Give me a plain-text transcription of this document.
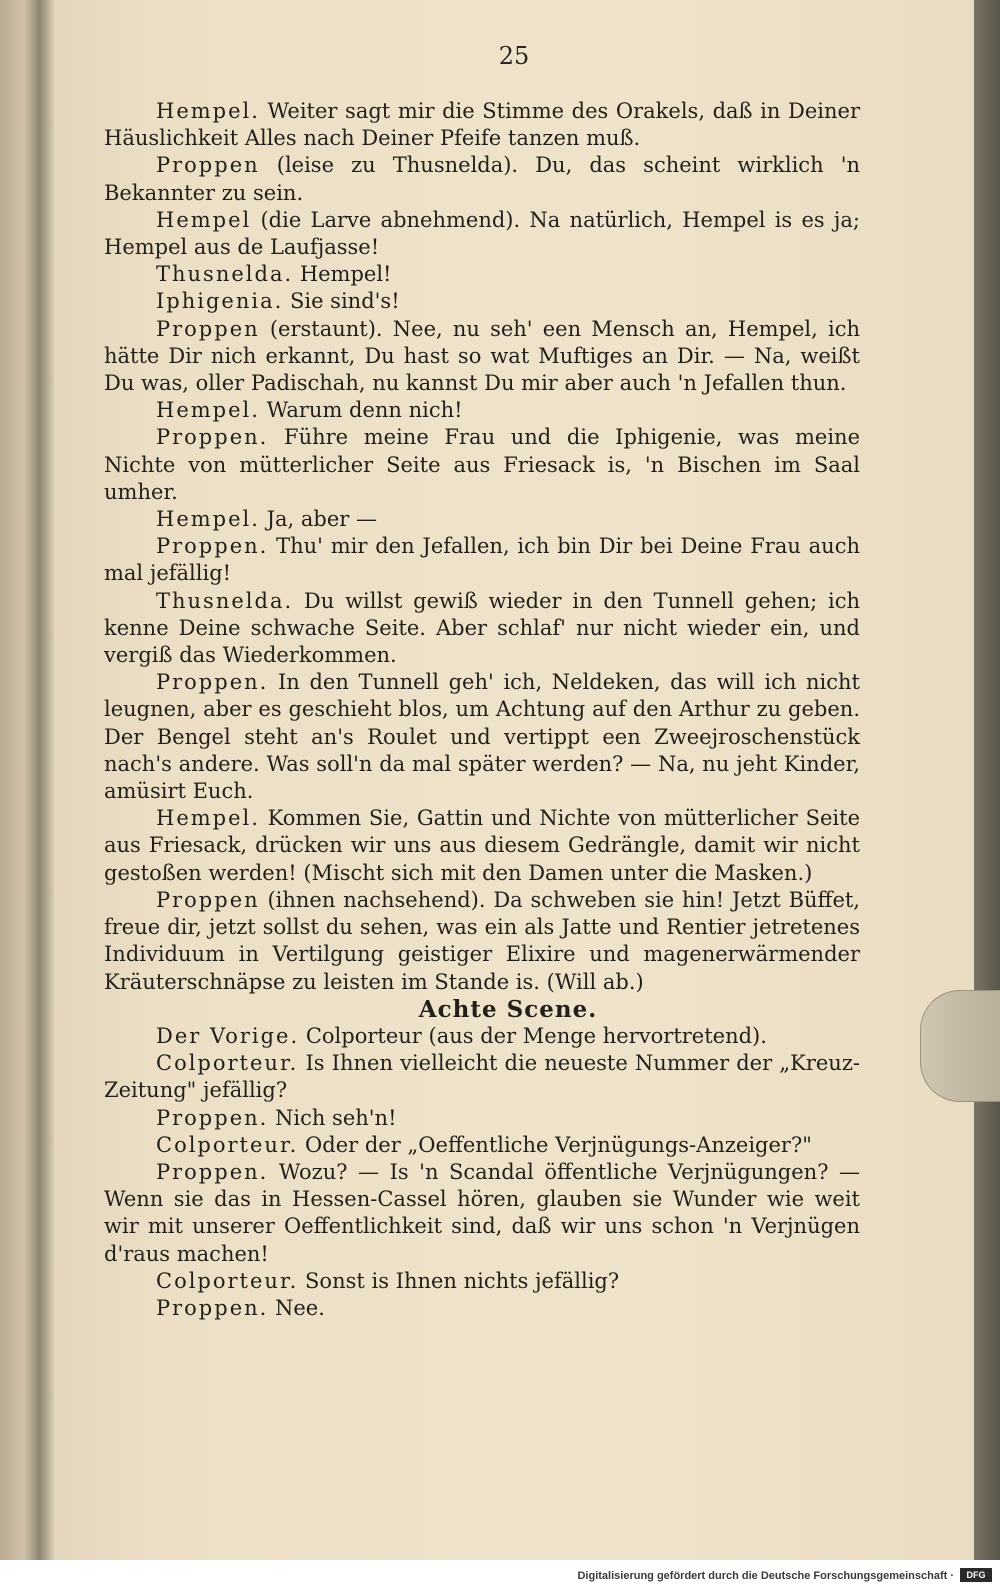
25

Hempel. Weiter sagt mir die Stimme des Orakels, daß in Deiner Häuslichkeit Alles nach Deiner Pfeife tanzen muß.

Proppen (leise zu Thusnelda). Du, das scheint wirklich 'n Bekannter zu sein.

Hempel (die Larve abnehmend). Na natürlich, Hempel is es ja; Hempel aus de Laufjasse!

Thusnelda. Hempel!

Iphigenia. Sie sind's!

Proppen (erstaunt). Nee, nu seh' een Mensch an, Hempel, ich hätte Dir nich erkannt, Du hast so wat Muftiges an Dir. — Na, weißt Du was, oller Padischah, nu kannst Du mir aber auch 'n Jefallen thun.

Hempel. Warum denn nich!

Proppen. Führe meine Frau und die Iphigenie, was meine Nichte von mütterlicher Seite aus Friesack is, 'n Bischen im Saal umher.

Hempel. Ja, aber —

Proppen. Thu' mir den Jefallen, ich bin Dir bei Deine Frau auch mal jefällig!

Thusnelda. Du willst gewiß wieder in den Tunnell gehen; ich kenne Deine schwache Seite. Aber schlaf' nur nicht wieder ein, und vergiß das Wiederkommen.

Proppen. In den Tunnell geh' ich, Neldeken, das will ich nicht leugnen, aber es geschieht blos, um Achtung auf den Arthur zu geben. Der Bengel steht an's Roulet und vertippt een Zweejroschenstück nach's andere. Was soll'n da mal später werden? — Na, nu jeht Kinder, amüsirt Euch.

Hempel. Kommen Sie, Gattin und Nichte von mütterlicher Seite aus Friesack, drücken wir uns aus diesem Gedrängle, damit wir nicht gestoßen werden! (Mischt sich mit den Damen unter die Masken.)

Proppen (ihnen nachsehend). Da schweben sie hin! Jetzt Büffet, freue dir, jetzt sollst du sehen, was ein als Jatte und Rentier jetretenes Individuum in Vertilgung geistiger Elixire und magenerwärmender Kräuterschnäpse zu leisten im Stande is. (Will ab.)

Achte Scene.

Der Vorige. Colporteur (aus der Menge hervortretend).

Colporteur. Is Ihnen vielleicht die neueste Nummer der „Kreuz-Zeitung" jefällig?

Proppen. Nich seh'n!

Colporteur. Oder der „Oeffentliche Verjnügungs-Anzeiger?"

Proppen. Wozu? — Is 'n Scandal öffentliche Verjnügungen? — Wenn sie das in Hessen-Cassel hören, glauben sie Wunder wie weit wir mit unserer Oeffentlichkeit sind, daß wir uns schon 'n Verjnügen d'raus machen!

Colporteur. Sonst is Ihnen nichts jefällig?

Proppen. Nee.

Digitalisierung gefördert durch die Deutsche Forschungsgemeinschaft ·	DFG
